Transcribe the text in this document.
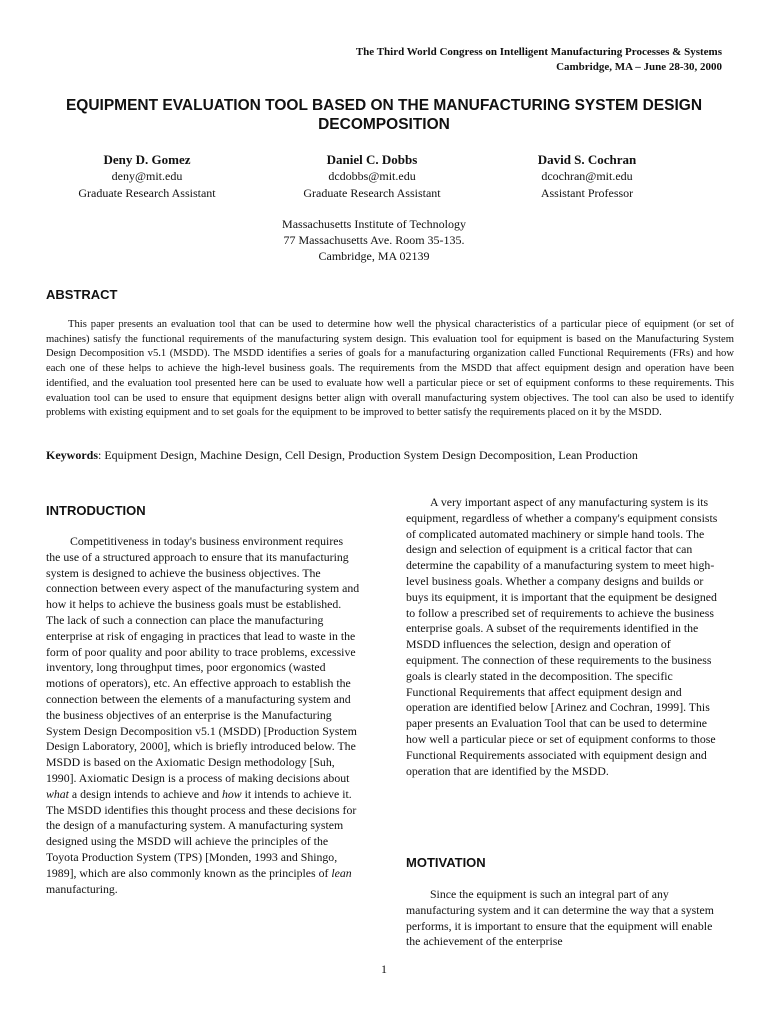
The Third World Congress on Intelligent Manufacturing Processes & Systems
Cambridge, MA – June 28-30, 2000
EQUIPMENT EVALUATION TOOL BASED ON THE MANUFACTURING SYSTEM DESIGN DECOMPOSITION
Deny D. Gomez
deny@mit.edu
Graduate Research Assistant
Daniel C. Dobbs
dcdobbs@mit.edu
Graduate Research Assistant
David S. Cochran
dcochran@mit.edu
Assistant Professor
Massachusetts Institute of Technology
77 Massachusetts Ave. Room 35-135.
Cambridge, MA 02139
ABSTRACT
This paper presents an evaluation tool that can be used to determine how well the physical characteristics of a particular piece of equipment (or set of machines) satisfy the functional requirements of the manufacturing system design. This evaluation tool for equipment is based on the Manufacturing System Design Decomposition v5.1 (MSDD). The MSDD identifies a series of goals for a manufacturing organization called Functional Requirements (FRs) and how each one of these helps to achieve the high-level business goals. The requirements from the MSDD that affect equipment design and operation have been identified, and the evaluation tool presented here can be used to evaluate how well a particular piece or set of equipment conforms to these requirements. This evaluation tool can be used to ensure that equipment designs better align with overall manufacturing system objectives. The tool can also be used to identify problems with existing equipment and to set goals for the equipment to be improved to better satisfy the requirements placed on it by the MSDD.
Keywords: Equipment Design, Machine Design, Cell Design, Production System Design Decomposition, Lean Production
INTRODUCTION

Competitiveness in today's business environment requires the use of a structured approach to ensure that its manufacturing system is designed to achieve the business objectives. The connection between every aspect of the manufacturing system and how it helps to achieve the business goals must be established. The lack of such a connection can place the manufacturing enterprise at risk of engaging in practices that lead to waste in the form of poor quality and poor ability to trace problems, excessive inventory, long throughput times, poor ergonomics (wasted motions of operators), etc. An effective approach to establish the connection between the elements of a manufacturing system and the business objectives of an enterprise is the Manufacturing System Design Decomposition v5.1 (MSDD) [Production System Design Laboratory, 2000], which is briefly introduced below. The MSDD is based on the Axiomatic Design methodology [Suh, 1990]. Axiomatic Design is a process of making decisions about what a design intends to achieve and how it intends to achieve it. The MSDD identifies this thought process and these decisions for the design of a manufacturing system. A manufacturing system designed using the MSDD will achieve the principles of the Toyota Production System (TPS) [Monden, 1993 and Shingo, 1989], which are also commonly known as the principles of lean manufacturing.

A very important aspect of any manufacturing system is its equipment, regardless of whether a company's equipment consists of complicated automated machinery or simple hand tools. The design and selection of equipment is a critical factor that can determine the capability of a manufacturing system to meet high-level business goals. Whether a company designs and builds or buys its equipment, it is important that the equipment be designed to follow a prescribed set of requirements to achieve the business enterprise goals. A subset of the requirements identified in the MSDD influences the selection, design and operation of equipment. The connection of these requirements to the business goals is clearly stated in the decomposition. The specific Functional Requirements that affect equipment design and operation are identified below [Arinez and Cochran, 1999]. This paper presents an Evaluation Tool that can be used to determine how well a particular piece or set of equipment conforms to those Functional Requirements associated with equipment design and operation that are identified by the MSDD.

MOTIVATION

Since the equipment is such an integral part of any manufacturing system and it can determine the way that a system performs, it is important to ensure that the equipment will enable the achievement of the enterprise

1
